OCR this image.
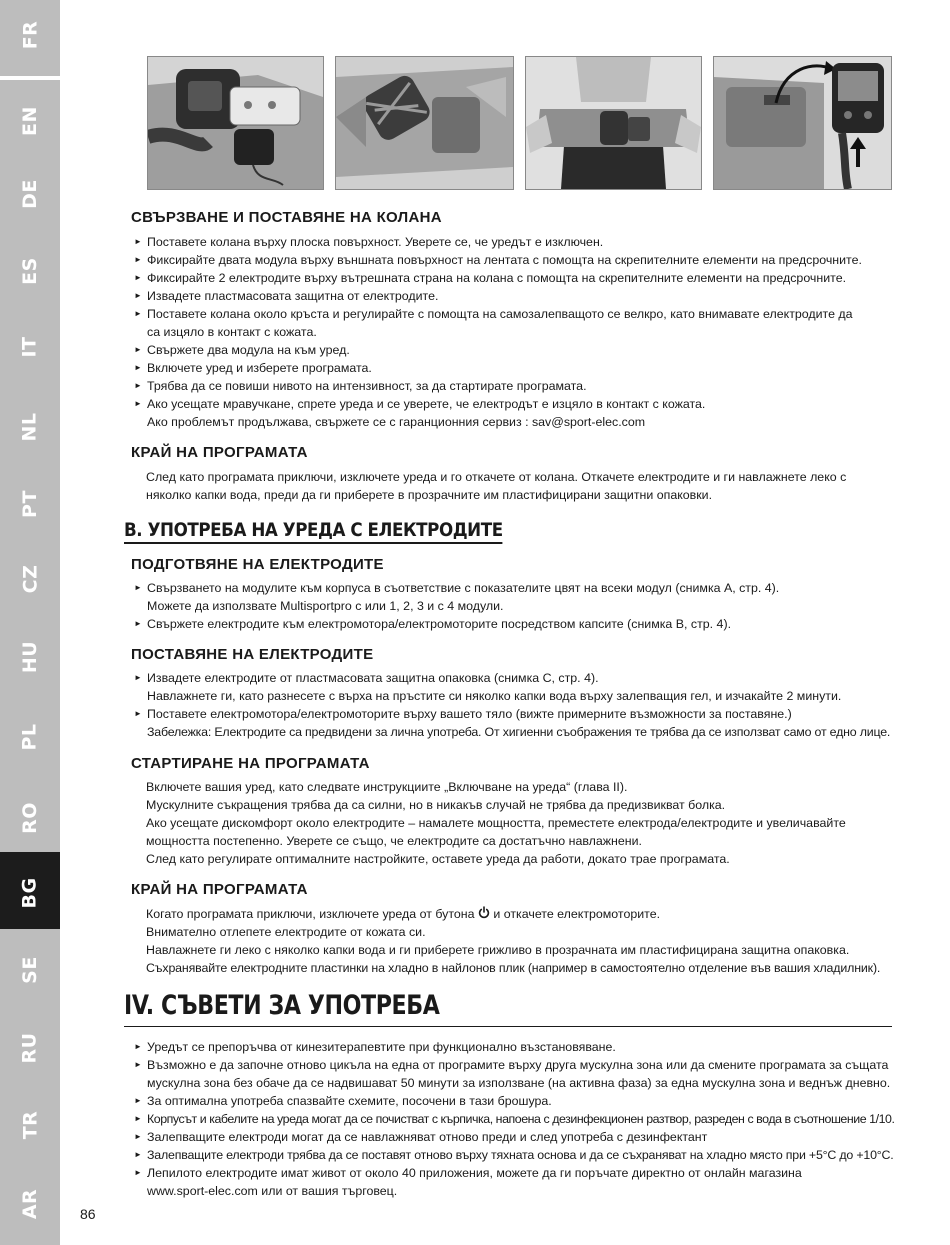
FR
EN
DE
ES
IT
NL
PT
CZ
HU
PL
RO
BG
SE
RU
TR
AR
СВЪРЗВАНЕ И ПОСТАВЯНЕ НА КОЛАНА
► Поставете колана върху плоска повърхност. Уверете се, че уредът е изключен.
► Фиксирайте двата модула върху външната повърхност на лентата с помощта на скрепителните елементи на предсрочните.
► Фиксирайте 2 електродите върху вътрешната страна на колана с помощта на скрепителните елементи на предсрочните.
► Извадете пластмасовата защитна от електродите.
► Поставете колана около кръста и регулирайте с помощта на самозалепващото се велкро, като внимавате електродите да
са изцяло в контакт с кожата.
► Свържете два модула на към уред.
► Включете уред и изберете програмата.
► Трябва да се повиши нивото на интензивност, за да стартирате програмата.
► Ако усещате мравучкане, спрете уреда и се уверете, че електродът е изцяло в контакт с кожата.
Ако проблемът продължава, свържете се с гаранционния сервиз : sav@sport-elec.com
КРАЙ НА ПРОГРАМАТА
След като програмата приключи, изключете уреда и го откачете от колана. Откачете електродите и ги навлажнете леко с
няколко капки вода, преди да ги приберете в прозрачните им пластифицирани защитни опаковки.
B. УПОТРЕБА НА УРЕДА С ЕЛЕКТРОДИТЕ
ПОДГОТВЯНЕ НА ЕЛЕКТРОДИТЕ
► Свързването на модулите към корпуса в съответствие с показателите цвят на всеки модул (снимка A, стр. 4).
Можете да използвате Multisportpro с или 1, 2, 3 и с 4 модули.
► Свържете електродите към електромотора/електромоторите посредством капсите (снимка B, стр. 4).
ПОСТАВЯНЕ НА ЕЛЕКТРОДИТЕ
► Извадете електродите от пластмасовата защитна опаковка (снимка C, стр. 4).
Навлажнете ги, като разнесете с върха на пръстите си няколко капки вода върху залепващия гел, и изчакайте 2 минути.
► Поставете електромотора/електромоторите върху вашето тяло (вижте примерните възможности за поставяне.)
Забележка: Електродите са предвидени за лична употреба. От хигиенни съображения те трябва да се използват само от едно лице.
СТАРТИРАНЕ НА ПРОГРАМАТА
Включете вашия уред, като следвате инструкциите „Включване на уреда“ (глава II).
Мускулните съкращения трябва да са силни, но в никакъв случай не трябва да предизвикват болка.
Ако усещате дискомфорт около електродите – намалете мощността, преместете електрода/електродите и увеличавайте
мощността постепенно. Уверете се също, че електродите са достатъчно навлажнени.
След като регулирате оптималните настройките, оставете уреда да работи, докато трае програмата.
КРАЙ НА ПРОГРАМАТА
Когато програмата приключи, изключете уреда от бутона  и откачете електромоторите.
Внимателно отлепете електродите от кожата си.
Навлажнете ги леко с няколко капки вода и ги приберете грижливо в прозрачната им пластифицирана защитна опаковка.
Съхранявайте електродните пластинки на хладно в найлонов плик (например в самостоятелно отделение във вашия хладилник).
IV. СЪВЕТИ ЗА УПОТРЕБА
► Уредът се препоръчва от кинезитерапевтите при функционално възстановяване.
► Възможно е да започне отново цикъла на една от програмите върху друга мускулна зона или да смените програмата за същата
мускулна зона без обаче да се надвишават 50 минути за използване (на активна фаза) за една мускулна зона и веднъж дневно.
► За оптимална употреба спазвайте схемите, посочени в тази брошура.
► Корпусът и кабелите на уреда могат да се почистват с кърпичка, напоена с дезинфекционен разтвор, разреден с вода в съотношение 1/10.
► Залепващите електроди могат да се навлажняват отново преди и след употреба с дезинфектант
► Залепващите електроди трябва да се поставят отново върху тяхната основа и да се съхраняват на хладно място при +5°C до +10°C.
► Лепилото електродите имат живот от около 40 приложения, можете да ги поръчате директно от онлайн магазина
www.sport-elec.com или от вашия търговец.
86
